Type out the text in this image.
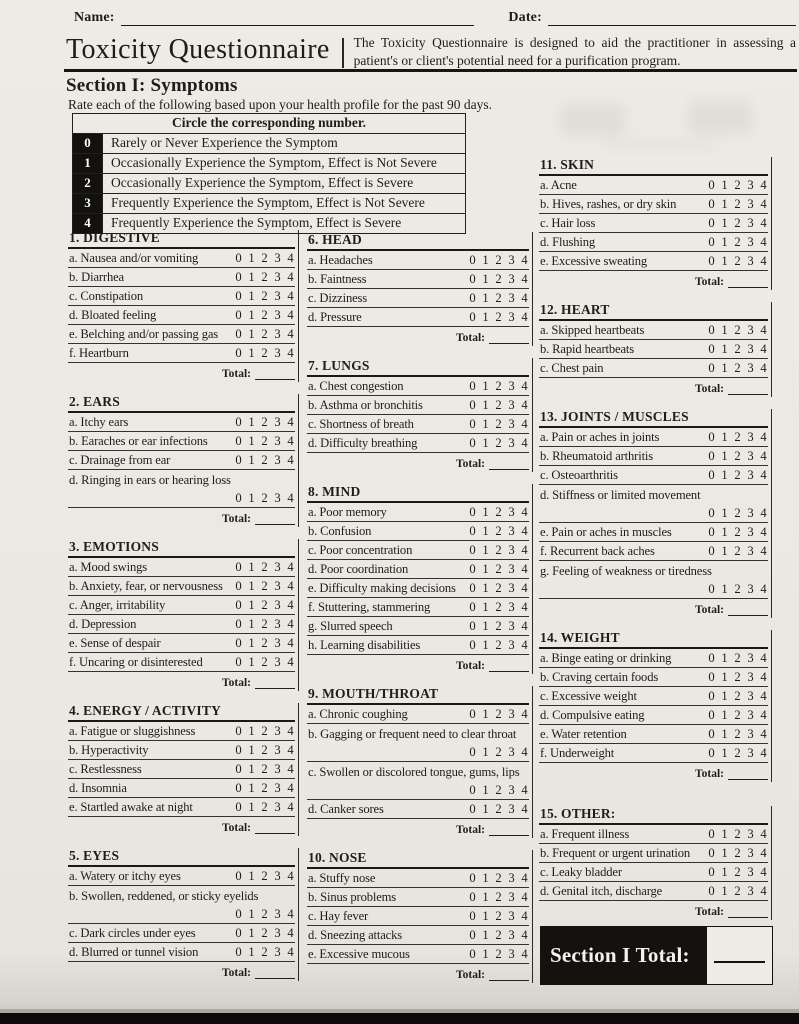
Name:	Date:
Toxicity Questionnaire The Toxicity Questionnaire is designed to aid the practitioner in assessing a patient's or client's potential need for a purification program.
Section I: Symptoms
Rate each of the following based upon your health profile for the past 90 days.
Circle the corresponding number.
0	Rarely or Never Experience the Symptom
1	Occasionally Experience the Symptom, Effect is Not Severe
2	Occasionally Experience the Symptom, Effect is Severe
3	Frequently Experience the Symptom, Effect is Not Severe
4	Frequently Experience the Symptom, Effect is Severe
1. DIGESTIVE
a. Nausea and/or vomiting	0 1 2 3 4
b. Diarrhea	0 1 2 3 4
c. Constipation	0 1 2 3 4
d. Bloated feeling	0 1 2 3 4
e. Belching and/or passing gas 0 1 2 3 4
f. Heartburn	0 1 2 3 4
Total:
2. EARS
a. Itchy ears	0 1 2 3 4
b. Earaches or ear infections 0 1 2 3 4
c. Drainage from ear	0 1 2 3 4
d. Ringing in ears or hearing loss
0 1 2 3 4
Total:
3. EMOTIONS
a. Mood swings	0 1 2 3 4
b. Anxiety, fear, or nervousness 0 1 2 3 4
c. Anger, irritability	0 1 2 3 4
d. Depression	0 1 2 3 4
e. Sense of despair	0 1 2 3 4
f. Uncaring or disinterested	0 1 2 3 4
Total:
4. ENERGY / ACTIVITY
a. Fatigue or sluggishness	0 1 2 3 4
b. Hyperactivity	0 1 2 3 4
c. Restlessness	0 1 2 3 4
d. Insomnia	0 1 2 3 4
e. Startled awake at night	0 1 2 3 4
Total:
5. EYES
a. Watery or itchy eyes	0 1 2 3 4
b. Swollen, reddened, or sticky eyelids
0 1 2 3 4
c. Dark circles under eyes	0 1 2 3 4
d. Blurred or tunnel vision	0 1 2 3 4
Total:
6. HEAD
a. Headaches	0 1 2 3 4
b. Faintness	0 1 2 3 4
c. Dizziness	0 1 2 3 4
d. Pressure	0 1 2 3 4
Total:
7. LUNGS
a. Chest congestion	0 1 2 3 4
b. Asthma or bronchitis	0 1 2 3 4
c. Shortness of breath	0 1 2 3 4
d. Difficulty breathing	0 1 2 3 4
Total:
8. MIND
a. Poor memory	0 1 2 3 4
b. Confusion	0 1 2 3 4
c. Poor concentration	0 1 2 3 4
d. Poor coordination	0 1 2 3 4
e. Difficulty making decisions 0 1 2 3 4
f. Stuttering, stammering	0 1 2 3 4
g. Slurred speech	0 1 2 3 4
h. Learning disabilities	0 1 2 3 4
Total:
9. MOUTH/THROAT
a. Chronic coughing	0 1 2 3 4
b. Gagging or frequent need to clear throat
0 1 2 3 4
c. Swollen or discolored tongue, gums, lips
0 1 2 3 4
d. Canker sores	0 1 2 3 4
Total:
10. NOSE
a. Stuffy nose	0 1 2 3 4
b. Sinus problems	0 1 2 3 4
c. Hay fever	0 1 2 3 4
d. Sneezing attacks	0 1 2 3 4
e. Excessive mucous	0 1 2 3 4
Total:
11. SKIN
a. Acne	0 1 2 3 4
b. Hives, rashes, or dry skin	0 1 2 3 4
c. Hair loss	0 1 2 3 4
d. Flushing	0 1 2 3 4
e. Excessive sweating	0 1 2 3 4
Total:
12. HEART
a. Skipped heartbeats	0 1 2 3 4
b. Rapid heartbeats	0 1 2 3 4
c. Chest pain	0 1 2 3 4
Total:
13. JOINTS / MUSCLES
a. Pain or aches in joints	0 1 2 3 4
b. Rheumatoid arthritis	0 1 2 3 4
c. Osteoarthritis	0 1 2 3 4
d. Stiffness or limited movement
0 1 2 3 4
e. Pain or aches in muscles	0 1 2 3 4
f. Recurrent back aches	0 1 2 3 4
g. Feeling of weakness or tiredness
0 1 2 3 4
Total:
14. WEIGHT
a. Binge eating or drinking	0 1 2 3 4
b. Craving certain foods	0 1 2 3 4
c. Excessive weight	0 1 2 3 4
d. Compulsive eating	0 1 2 3 4
e. Water retention	0 1 2 3 4
f. Underweight	0 1 2 3 4
Total:
15. OTHER:
a. Frequent illness	0 1 2 3 4
b. Frequent or urgent urination 0 1 2 3 4
c. Leaky bladder	0 1 2 3 4
d. Genital itch, discharge	0 1 2 3 4
Total:
Section I Total:
